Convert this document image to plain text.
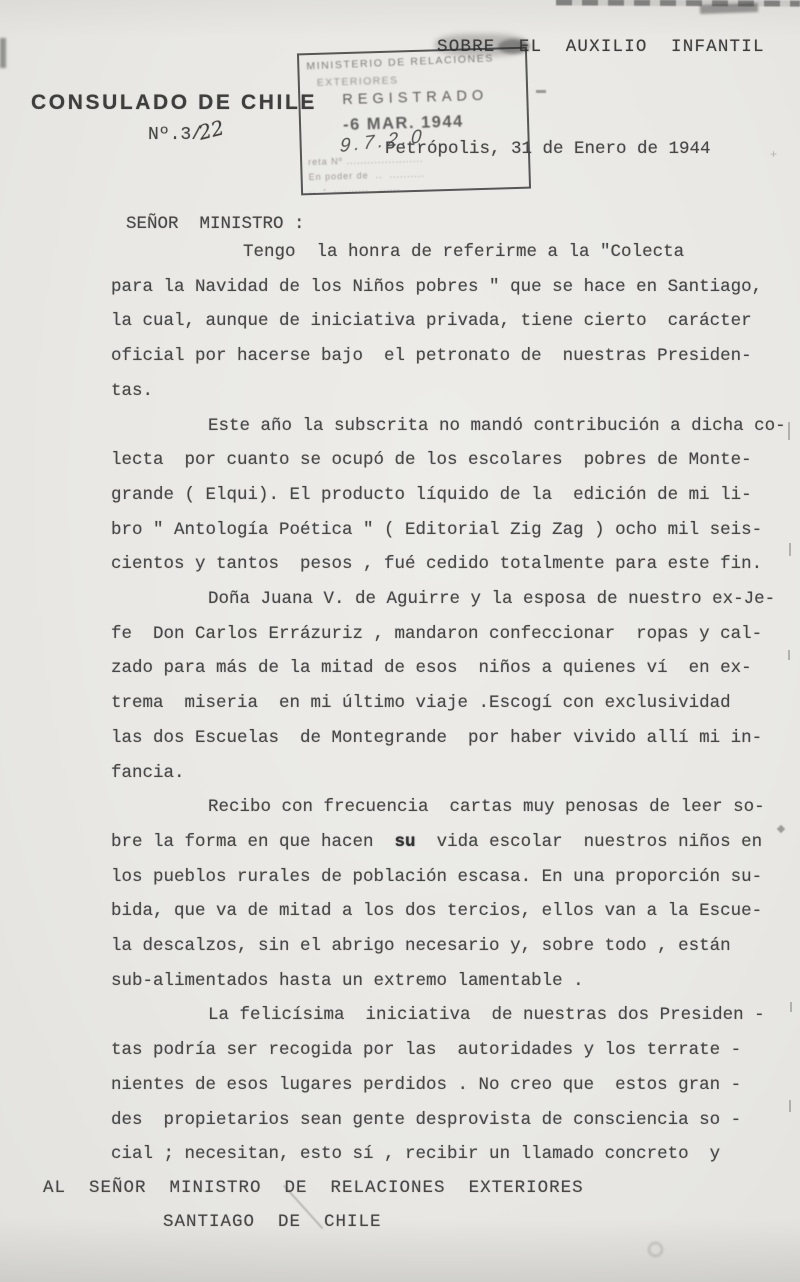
+
SOBRE  EL  AUXILIO  INFANTIL
CONSULADO DE CHILE
Nº.3/22
MINISTERIO DE RELACIONES
EXTERIORES
REGISTRADO
-6 MAR. 1944
9.7.2.0
reta Nº ......................
En poder de  ..  ..........
..  -  ..........   ......
Petrópolis, 31 de Enero de 1944
SEÑOR  MINISTRO :
Tengo  la honra de referirme a la "Colecta
para la Navidad de los Niños pobres " que se hace en Santiago,
la cual, aunque de iniciativa privada, tiene cierto  carácter
oficial por hacerse bajo  el petronato de  nuestras Presiden-
tas.
Este año la subscrita no mandó contribución a dicha co-
lecta  por cuanto se ocupó de los escolares  pobres de Monte-
grande ( Elqui). El producto líquido de la  edición de mi li-
bro " Antología Poética " ( Editorial Zig Zag ) ocho mil seis-
cientos y tantos  pesos , fué cedido totalmente para este fin.
Doña Juana V. de Aguirre y la esposa de nuestro ex-Je-
fe  Don Carlos Errázuriz , mandaron confeccionar  ropas y cal-
zado para más de la mitad de esos  niños a quienes ví  en ex-
trema  miseria  en mi último viaje .Escogí con exclusividad
las dos Escuelas  de Montegrande  por haber vivido allí mi in-
fancia.
Recibo con frecuencia  cartas muy penosas de leer so-
bre la forma en que hacen  su  vida escolar  nuestros niños en
los pueblos rurales de población escasa. En una proporción su-
bida, que va de mitad a los dos tercios, ellos van a la Escue-
la descalzos, sin el abrigo necesario y, sobre todo , están
sub-alimentados hasta un extremo lamentable .
La felicísima  iniciativa  de nuestras dos Presiden -
tas podría ser recogida por las  autoridades y los terrate -
nientes de esos lugares perdidos . No creo que  estos gran -
des  propietarios sean gente desprovista de consciencia so -
cial ; necesitan, esto sí , recibir un llamado concreto  y
AL  SEÑOR  MINISTRO  DE  RELACIONES  EXTERIORES
SANTIAGO  DE  CHILE
